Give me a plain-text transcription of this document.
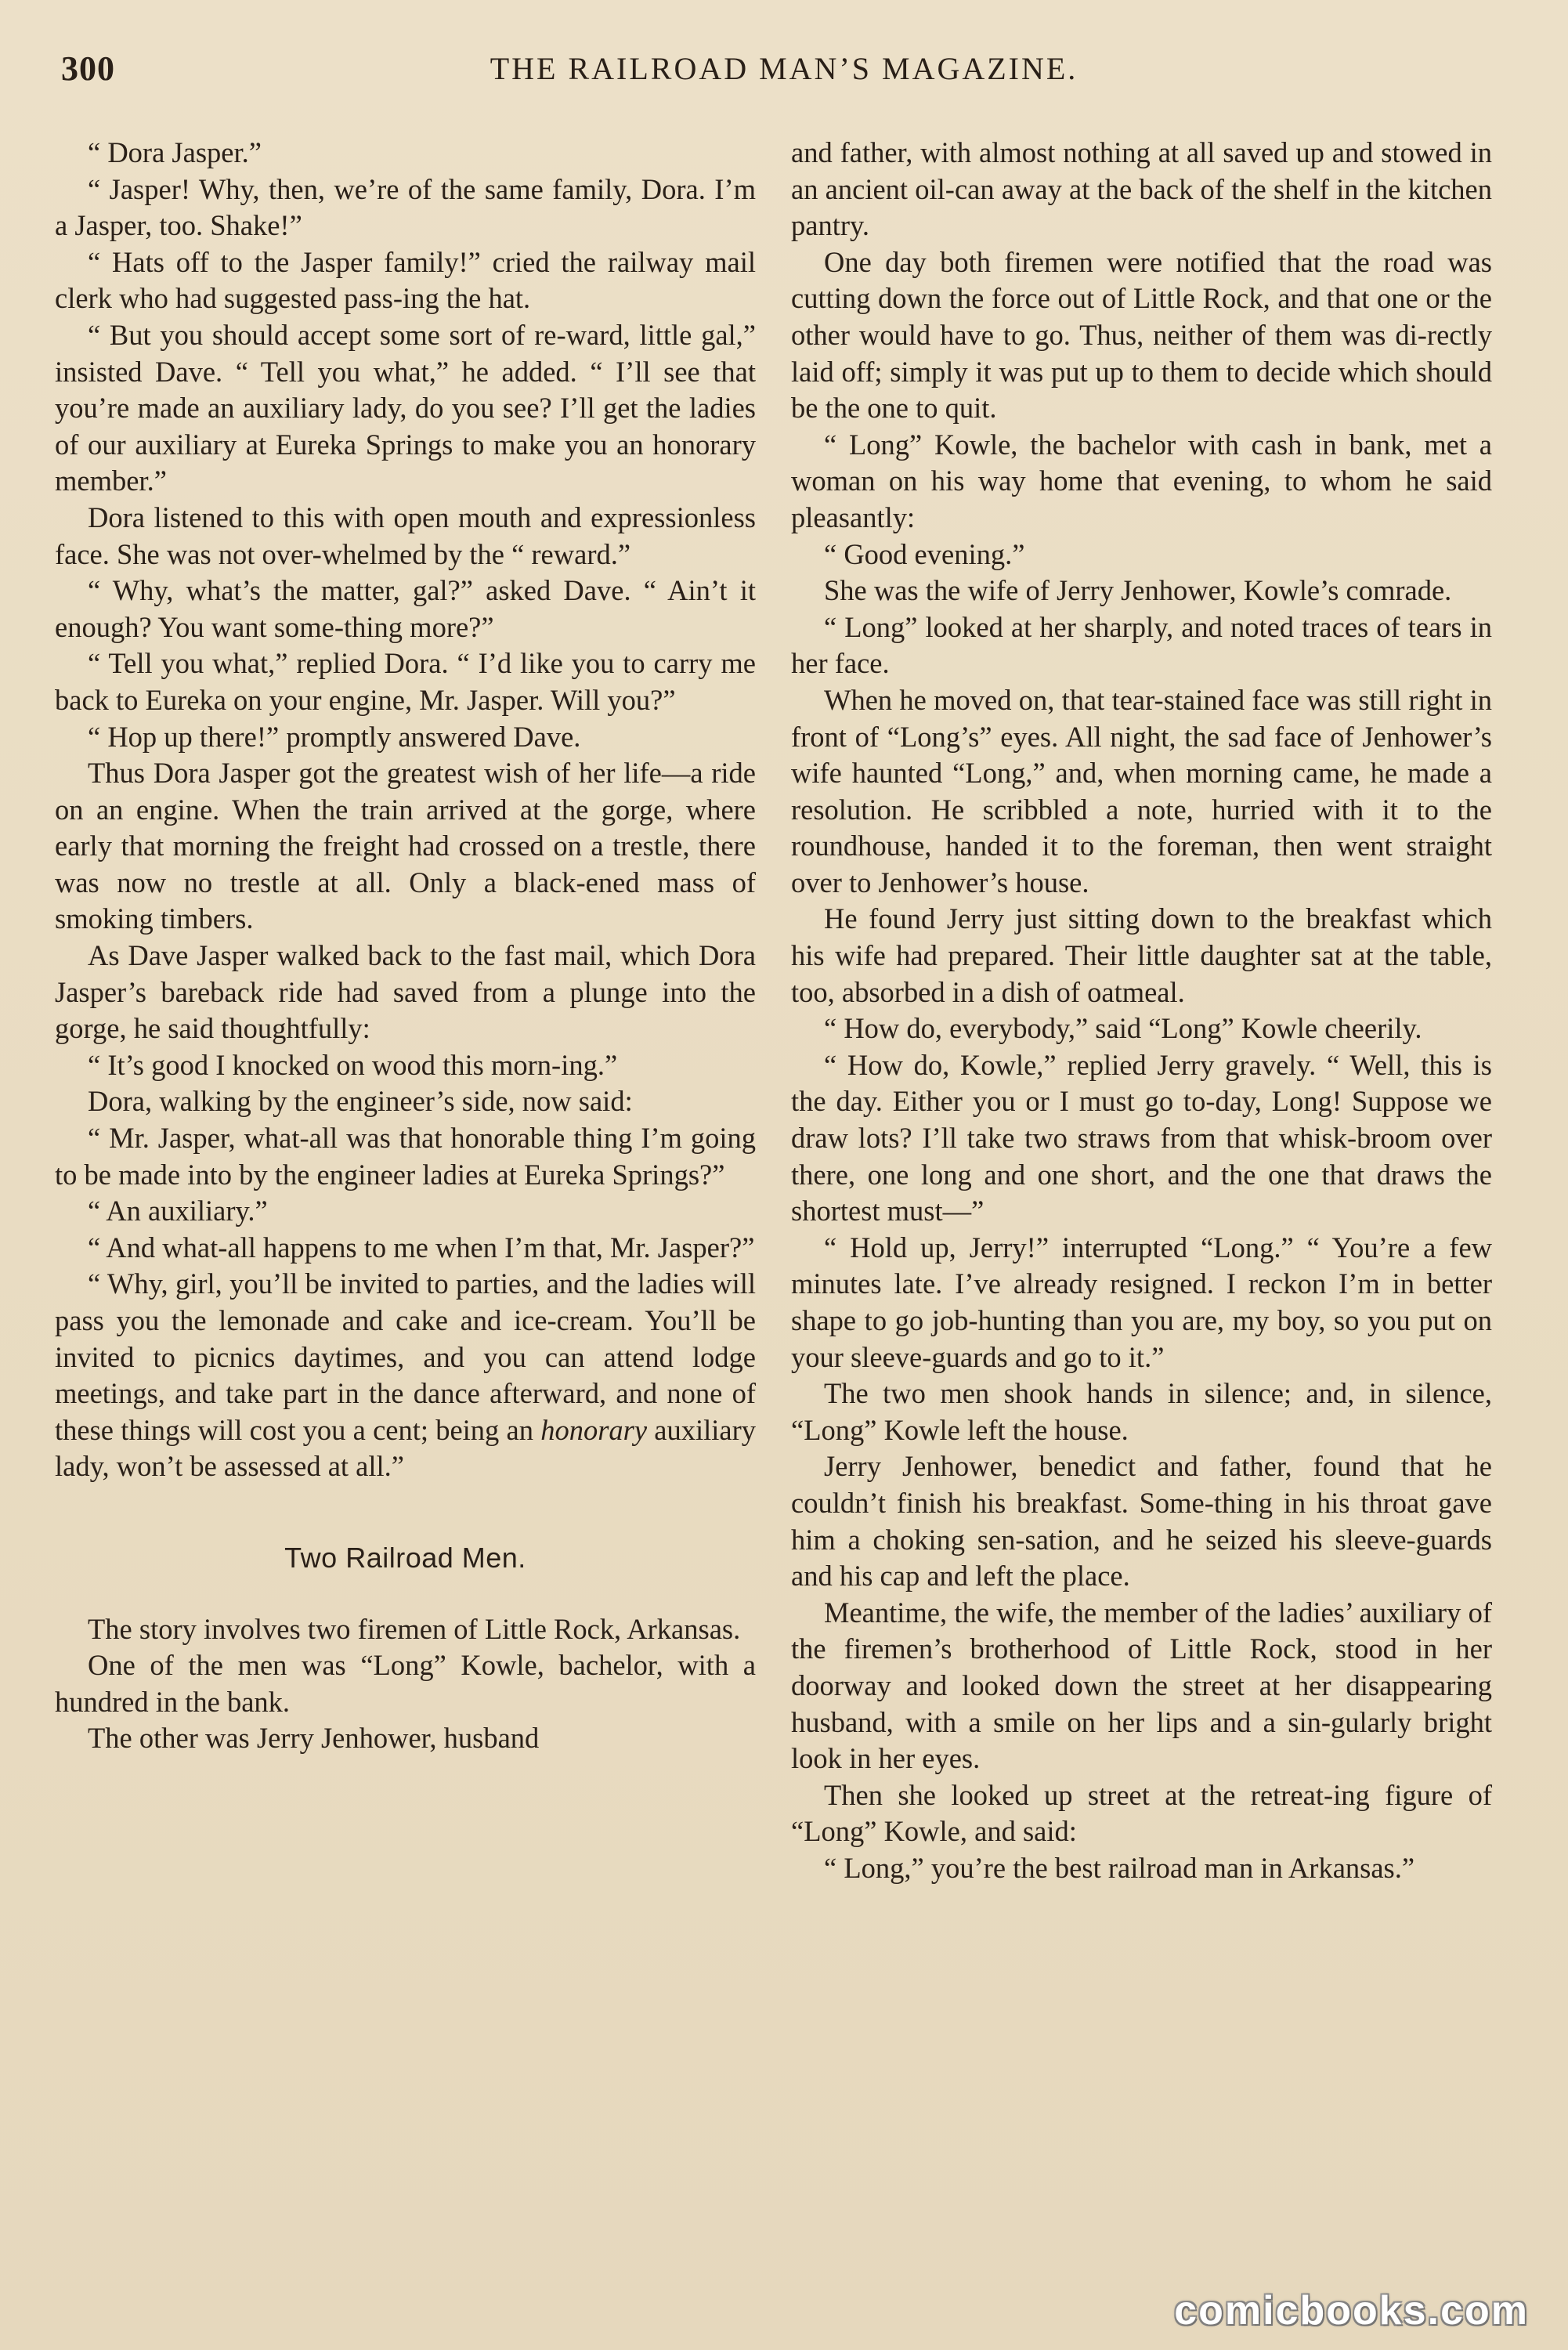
300	THE RAILROAD MAN’S MAGAZINE.

“ Dora Jasper.”

“ Jasper! Why, then, we’re of the same family, Dora. I’m a Jasper, too. Shake!”

“ Hats off to the Jasper family!” cried the railway mail clerk who had suggested pass-ing the hat.

“ But you should accept some sort of re-ward, little gal,” insisted Dave. “ Tell you what,” he added. “ I’ll see that you’re made an auxiliary lady, do you see? I’ll get the ladies of our auxiliary at Eureka Springs to make you an honorary member.”

Dora listened to this with open mouth and expressionless face. She was not over-whelmed by the “ reward.”

“ Why, what’s the matter, gal?” asked Dave. “ Ain’t it enough? You want some-thing more?”

“ Tell you what,” replied Dora. “ I’d like you to carry me back to Eureka on your engine, Mr. Jasper. Will you?”

“ Hop up there!” promptly answered Dave.

Thus Dora Jasper got the greatest wish of her life—a ride on an engine. When the train arrived at the gorge, where early that morning the freight had crossed on a trestle, there was now no trestle at all. Only a black-ened mass of smoking timbers.

As Dave Jasper walked back to the fast mail, which Dora Jasper’s bareback ride had saved from a plunge into the gorge, he said thoughtfully:

“ It’s good I knocked on wood this morn-ing.”

Dora, walking by the engineer’s side, now said:

“ Mr. Jasper, what-all was that honorable thing I’m going to be made into by the engineer ladies at Eureka Springs?”

“ An auxiliary.”

“ And what-all happens to me when I’m that, Mr. Jasper?”

“ Why, girl, you’ll be invited to parties, and the ladies will pass you the lemonade and cake and ice-cream. You’ll be invited to picnics daytimes, and you can attend lodge meetings, and take part in the dance afterward, and none of these things will cost you a cent; being an honorary auxiliary lady, won’t be assessed at all.”

Two Railroad Men.

The story involves two firemen of Little Rock, Arkansas.

One of the men was “Long” Kowle, bachelor, with a hundred in the bank.

The other was Jerry Jenhower, husband

and father, with almost nothing at all saved up and stowed in an ancient oil-can away at the back of the shelf in the kitchen pantry.

One day both firemen were notified that the road was cutting down the force out of Little Rock, and that one or the other would have to go. Thus, neither of them was di-rectly laid off; simply it was put up to them to decide which should be the one to quit.

“ Long” Kowle, the bachelor with cash in bank, met a woman on his way home that evening, to whom he said pleasantly:

“ Good evening.”

She was the wife of Jerry Jenhower, Kowle’s comrade.

“ Long” looked at her sharply, and noted traces of tears in her face.

When he moved on, that tear-stained face was still right in front of “Long’s” eyes. All night, the sad face of Jenhower’s wife haunted “Long,” and, when morning came, he made a resolution. He scribbled a note, hurried with it to the roundhouse, handed it to the foreman, then went straight over to Jenhower’s house.

He found Jerry just sitting down to the breakfast which his wife had prepared. Their little daughter sat at the table, too, absorbed in a dish of oatmeal.

“ How do, everybody,” said “Long” Kowle cheerily.

“ How do, Kowle,” replied Jerry gravely. “ Well, this is the day. Either you or I must go to-day, Long! Suppose we draw lots? I’ll take two straws from that whisk-broom over there, one long and one short, and the one that draws the shortest must—”

“ Hold up, Jerry!” interrupted “Long.” “ You’re a few minutes late. I’ve already resigned. I reckon I’m in better shape to go job-hunting than you are, my boy, so you put on your sleeve-guards and go to it.”

The two men shook hands in silence; and, in silence, “Long” Kowle left the house.

Jerry Jenhower, benedict and father, found that he couldn’t finish his breakfast. Some-thing in his throat gave him a choking sen-sation, and he seized his sleeve-guards and his cap and left the place.

Meantime, the wife, the member of the ladies’ auxiliary of the firemen’s brotherhood of Little Rock, stood in her doorway and looked down the street at her disappearing husband, with a smile on her lips and a sin-gularly bright look in her eyes.

Then she looked up street at the retreat-ing figure of “Long” Kowle, and said:

“ Long,” you’re the best railroad man in Arkansas.”

comicbooks.com
